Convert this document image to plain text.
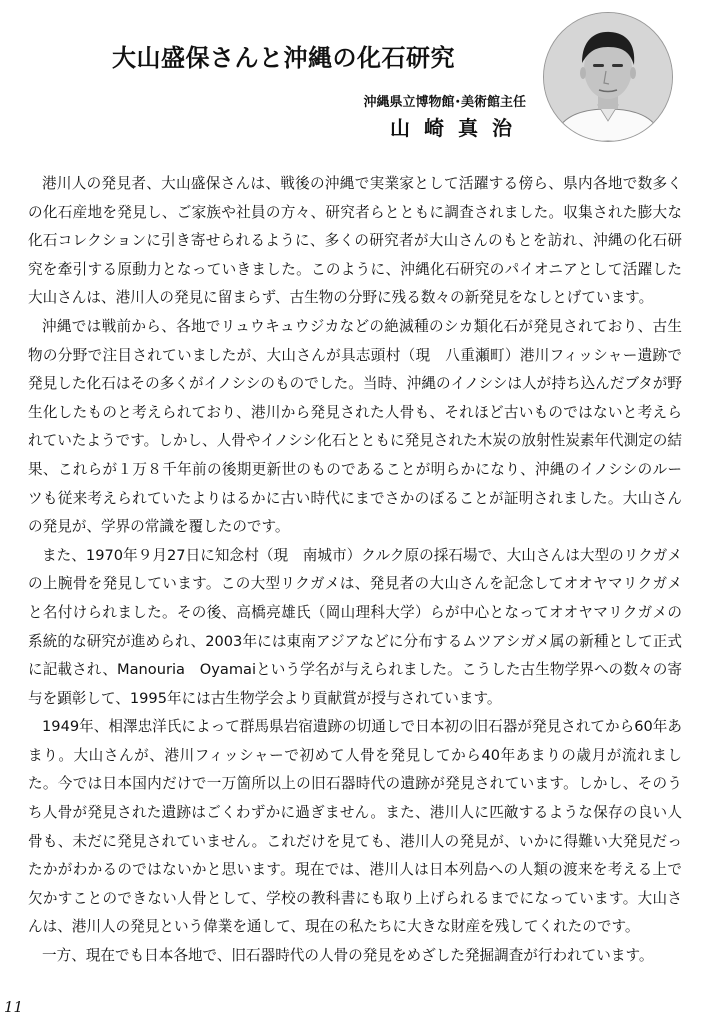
大山盛保さんと沖縄の化石研究
沖縄県立博物館･美術館主任
山崎真治

港川人の発見者、大山盛保さんは、戦後の沖縄で実業家として活躍する傍ら、県内各地で数多くの化石産地を発見し、ご家族や社員の方々、研究者らとともに調査されました。収集された膨大な化石コレクションに引き寄せられるように、多くの研究者が大山さんのもとを訪れ、沖縄の化石研究を牽引する原動力となっていきました。このように、沖縄化石研究のパイオニアとして活躍した大山さんは、港川人の発見に留まらず、古生物の分野に残る数々の新発見をなしとげています。

沖縄では戦前から、各地でリュウキュウジカなどの絶滅種のシカ類化石が発見されており、古生物の分野で注目されていましたが、大山さんが具志頭村（現　八重瀬町）港川フィッシャー遺跡で発見した化石はその多くがイノシシのものでした。当時、沖縄のイノシシは人が持ち込んだブタが野生化したものと考えられており、港川から発見された人骨も、それほど古いものではないと考えられていたようです。しかし、人骨やイノシシ化石とともに発見された木炭の放射性炭素年代測定の結果、これらが１万８千年前の後期更新世のものであることが明らかになり、沖縄のイノシシのルーツも従来考えられていたよりはるかに古い時代にまでさかのぼることが証明されました。大山さんの発見が、学界の常識を覆したのです。

また、1970年９月27日に知念村（現　南城市）クルク原の採石場で、大山さんは大型のリクガメの上腕骨を発見しています。この大型リクガメは、発見者の大山さんを記念してオオヤマリクガメと名付けられました。その後、高橋亮雄氏（岡山理科大学）らが中心となってオオヤマリクガメの系統的な研究が進められ、2003年には東南アジアなどに分布するムツアシガメ属の新種として正式に記載され、Manouria　Oyamaiという学名が与えられました。こうした古生物学界への数々の寄与を顕彰して、1995年には古生物学会より貢献賞が授与されています。

1949年、相澤忠洋氏によって群馬県岩宿遺跡の切通しで日本初の旧石器が発見されてから60年あまり。大山さんが、港川フィッシャーで初めて人骨を発見してから40年あまりの歳月が流れました。今では日本国内だけで一万箇所以上の旧石器時代の遺跡が発見されています。しかし、そのうち人骨が発見された遺跡はごくわずかに過ぎません。また、港川人に匹敵するような保存の良い人骨も、未だに発見されていません。これだけを見ても、港川人の発見が、いかに得難い大発見だったかがわかるのではないかと思います。現在では、港川人は日本列島への人類の渡来を考える上で欠かすことのできない人骨として、学校の教科書にも取り上げられるまでになっています。大山さんは、港川人の発見という偉業を通して、現在の私たちに大きな財産を残してくれたのです。

一方、現在でも日本各地で、旧石器時代の人骨の発見をめざした発掘調査が行われています。

11
